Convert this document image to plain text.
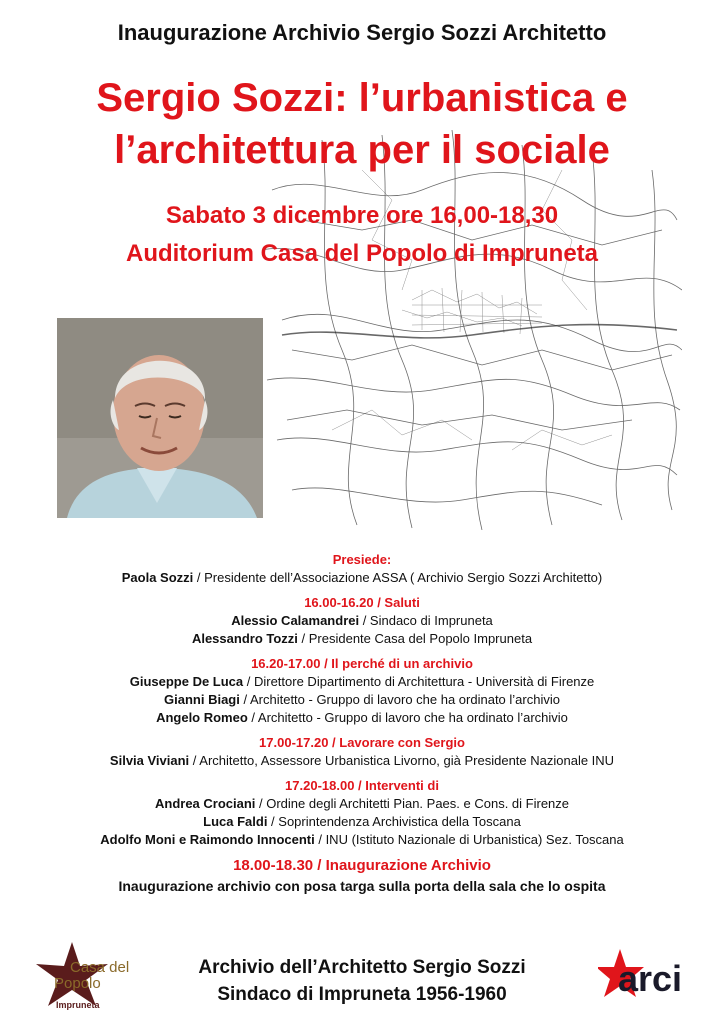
Inaugurazione Archivio Sergio Sozzi Architetto
Sergio Sozzi: l’urbanistica e
l’architettura per il sociale
Sabato 3 dicembre ore 16,00-18,30
Auditorium Casa del Popolo di Impruneta
Presiede:
Paola Sozzi / Presidente dell’Associazione ASSA ( Archivio Sergio Sozzi Architetto)
16.00-16.20 / Saluti
Alessio Calamandrei / Sindaco di Impruneta
Alessandro Tozzi / Presidente Casa del Popolo Impruneta
16.20-17.00 / Il perché di un archivio
Giuseppe De Luca / Direttore Dipartimento di Architettura - Università di Firenze
Gianni Biagi / Architetto - Gruppo di lavoro che ha ordinato l’archivio
Angelo Romeo / Architetto - Gruppo di lavoro che ha ordinato l’archivio
17.00-17.20 / Lavorare con Sergio
Silvia Viviani / Architetto, Assessore Urbanistica Livorno, già Presidente Nazionale INU
17.20-18.00 / Interventi di
Andrea Crociani / Ordine degli Architetti Pian. Paes. e Cons. di Firenze
Luca Faldi / Soprintendenza Archivistica della Toscana
Adolfo Moni e Raimondo Innocenti / INU (Istituto Nazionale di Urbanistica) Sez. Toscana
18.00-18.30 / Inaugurazione Archivio
Inaugurazione archivio con posa targa sulla porta della sala che lo ospita
Casa del
Popolo
Impruneta
Archivio dell’Architetto Sergio Sozzi
Sindaco di Impruneta 1956-1960	arci
